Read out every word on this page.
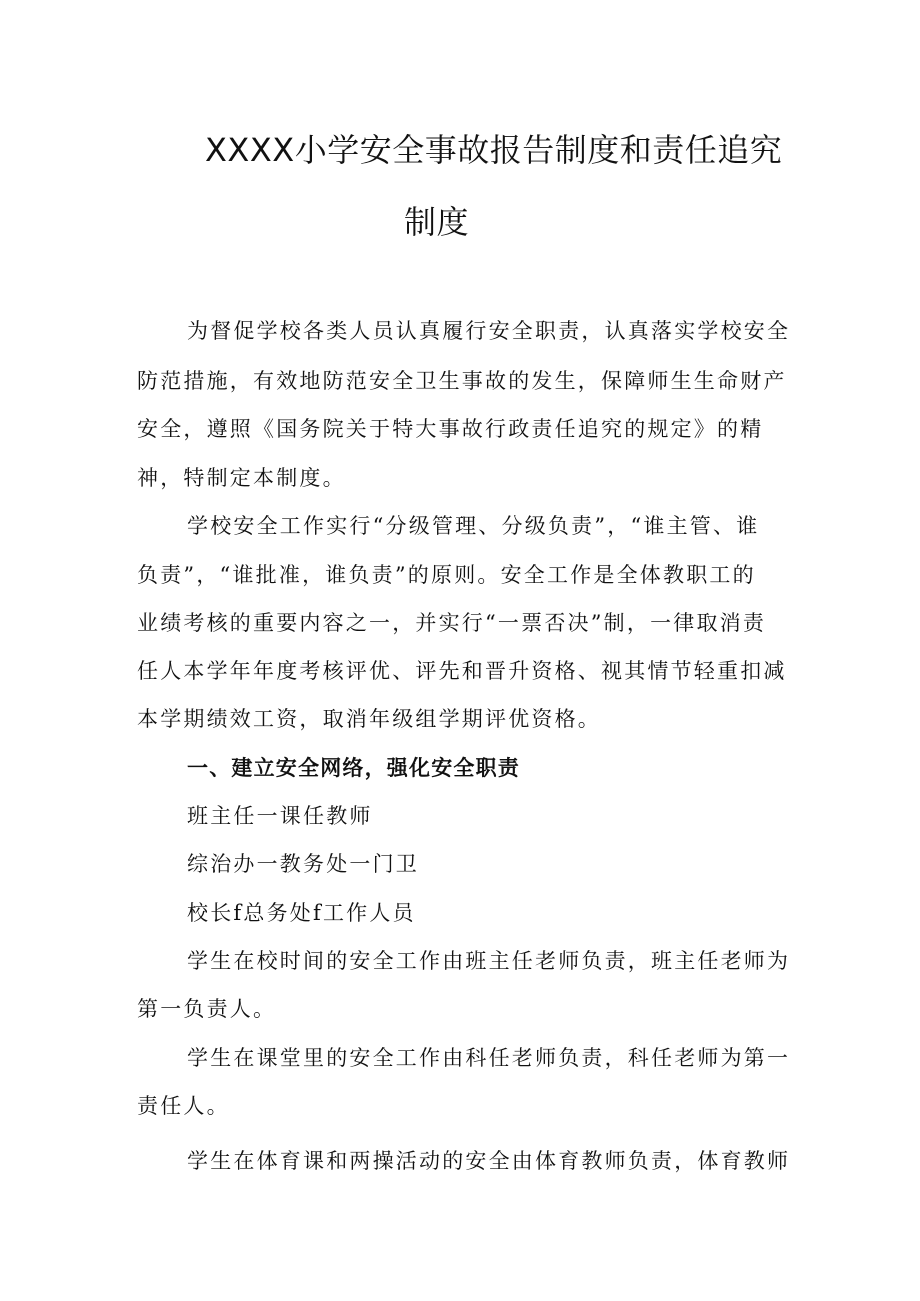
XXXX小学安全事故报告制度和责任追究
制度
为督促学校各类人员认真履行安全职责，认真落实学校安全
防范措施，有效地防范安全卫生事故的发生，保障师生生命财产
安全，遵照《国务院关于特大事故行政责任追究的规定》的精
神，特制定本制度。
学校安全工作实行“分级管理、分级负责”，“谁主管、谁
负责”，“谁批准，谁负责”的原则。安全工作是全体教职工的
业绩考核的重要内容之一，并实行“一票否决”制，一律取消责
任人本学年年度考核评优、评先和晋升资格、视其情节轻重扣减
本学期绩效工资，取消年级组学期评优资格。
一、建立安全网络，强化安全职责
班主任一课任教师
综治办一教务处一门卫
校长f总务处f工作人员
学生在校时间的安全工作由班主任老师负责，班主任老师为
第一负责人。
学生在课堂里的安全工作由科任老师负责，科任老师为第一
责任人。
学生在体育课和两操活动的安全由体育教师负责，体育教师
